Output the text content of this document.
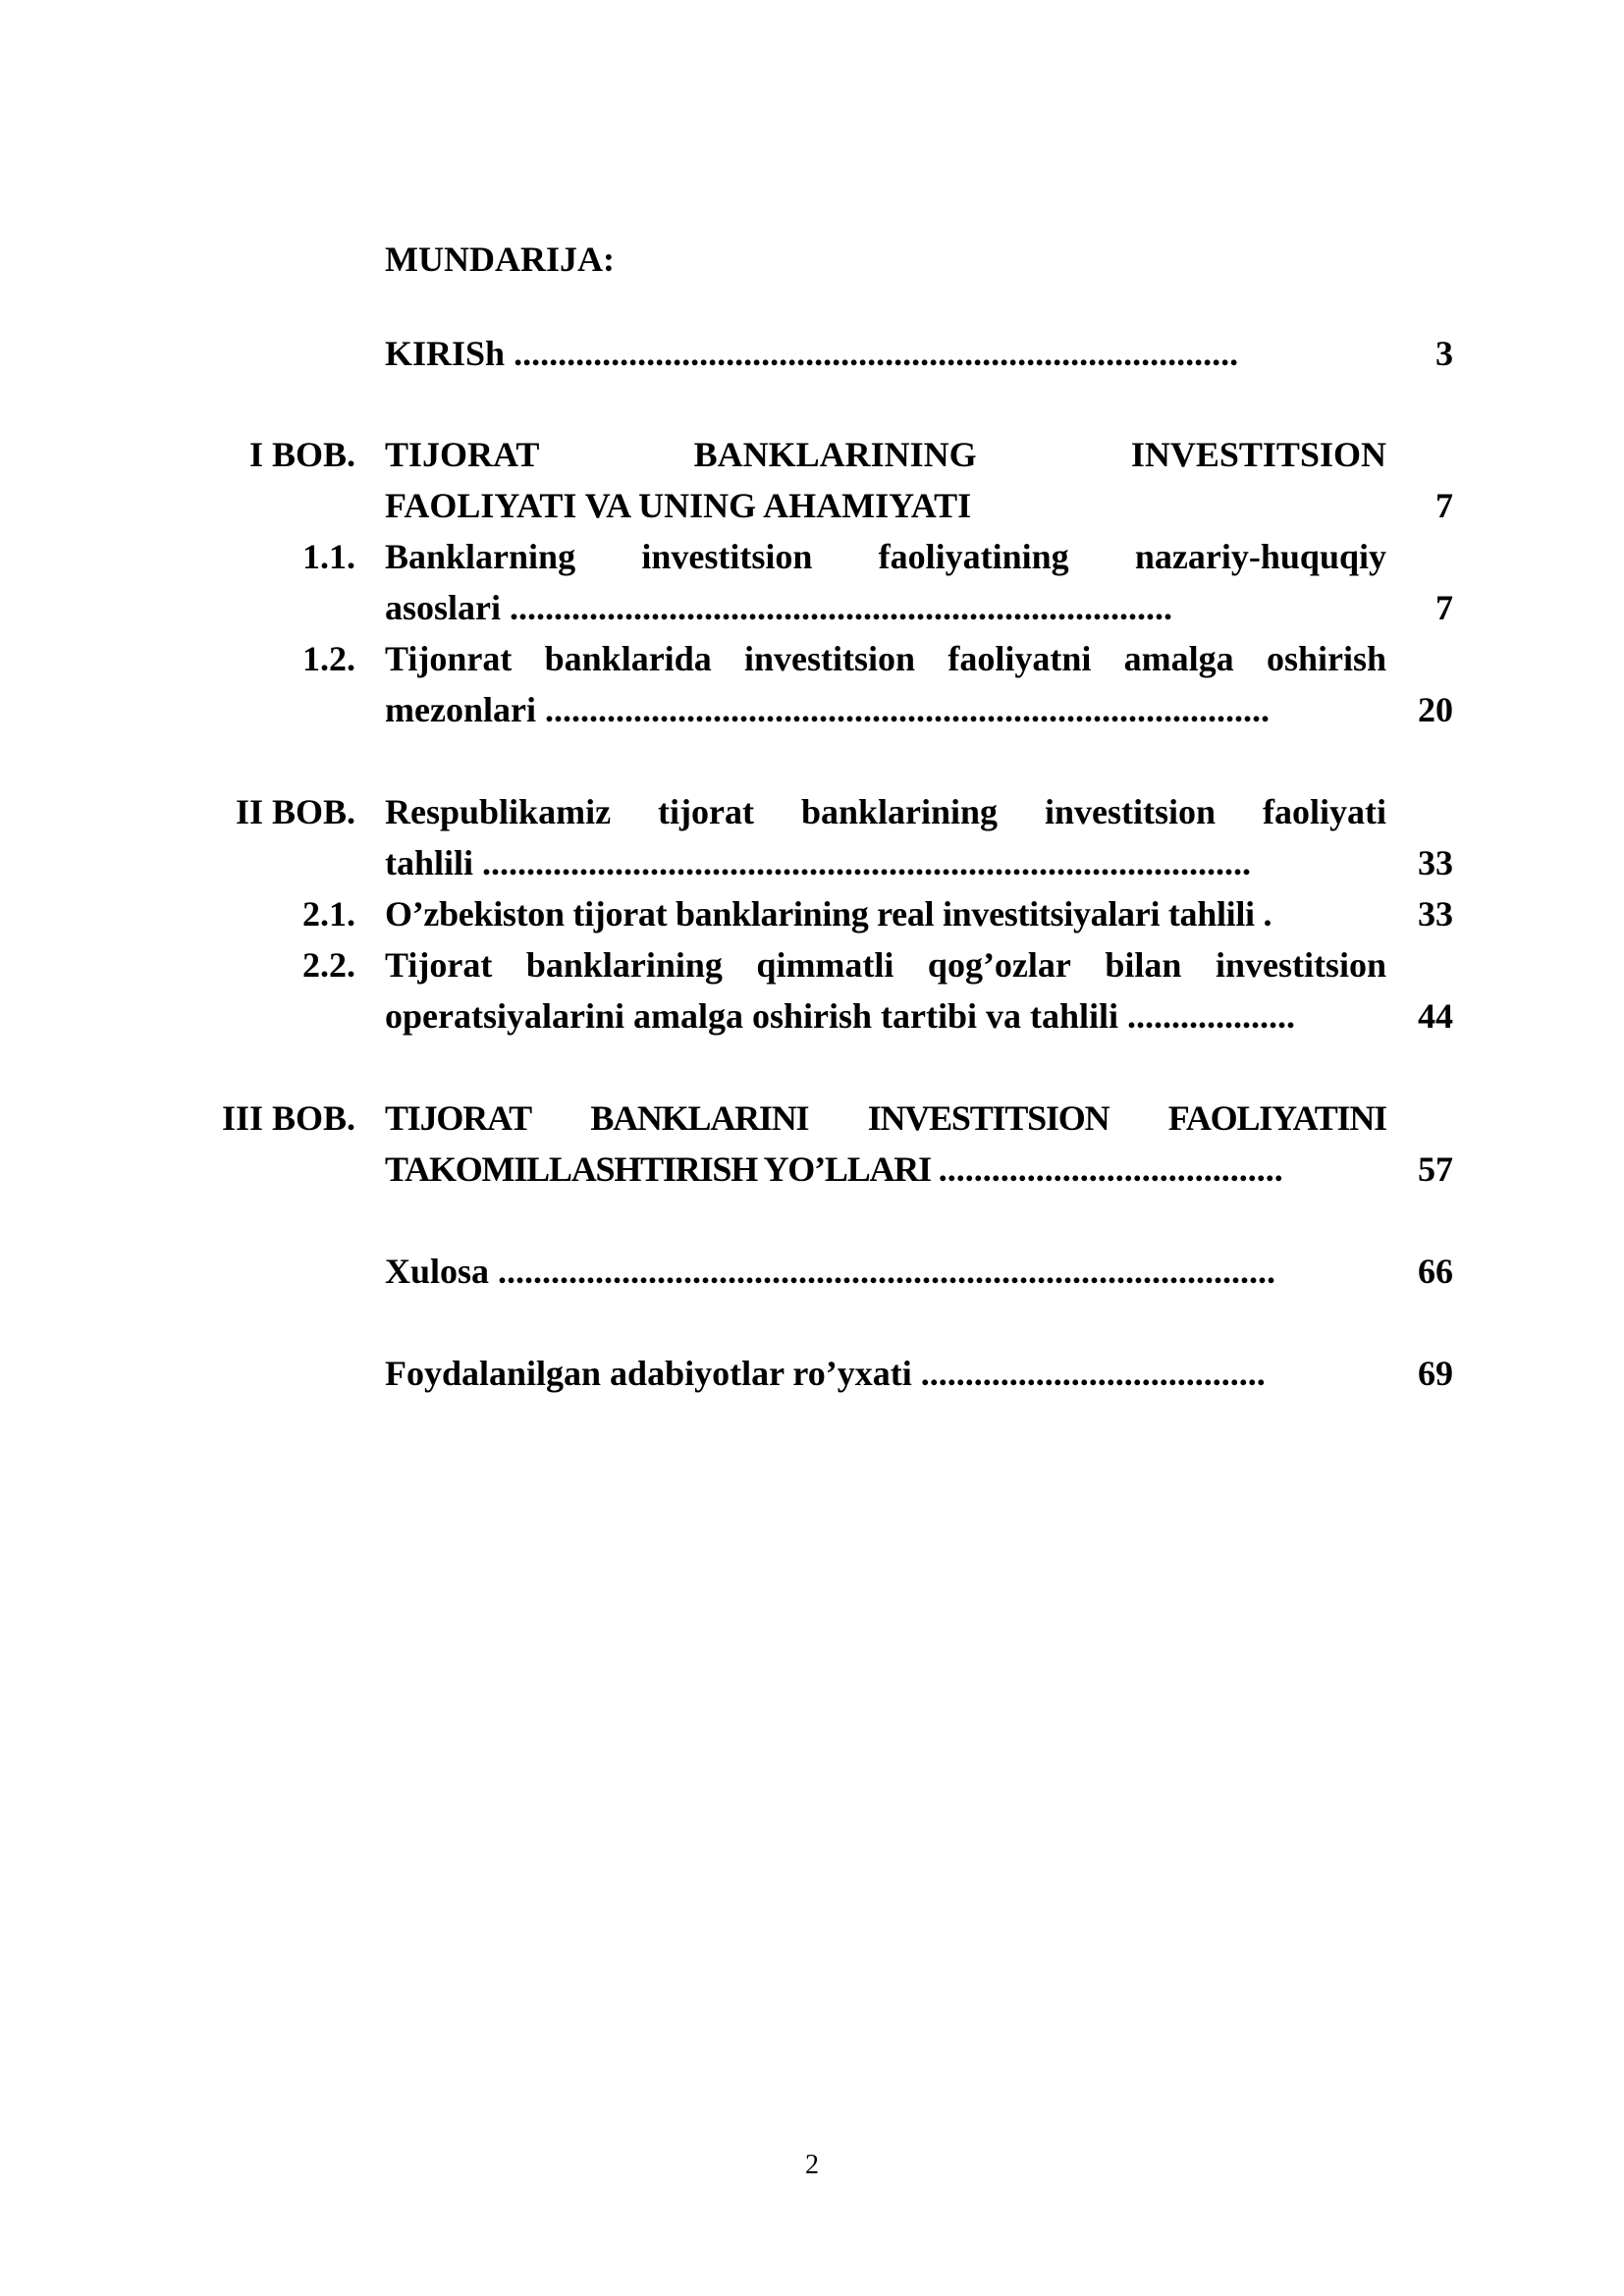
MUNDARIJA:
KIRISh ..................................................................................	3
I BOB. TIJORAT	BANKLARINING	INVESTITSION
FAOLIYATI VA UNING AHAMIYATI	7
1.1. Banklarning investitsion faoliyatining nazariy-huquqiy
asoslari ...........................................................................	7
1.2. Tijonrat banklarida investitsion faoliyatni amalga oshirish
mezonlari ..................................................................................	20
II BOB. Respublikamiz tijorat banklarining investitsion faoliyati
tahlili .......................................................................................	33
2.1. O’zbekiston tijorat banklarining real investitsiyalari tahlili .	33
2.2. Tijorat banklarining qimmatli qog’ozlar bilan investitsion
operatsiyalarini amalga oshirish tartibi va tahlili ...................	44
III BOB. TIJORAT BANKLARINI INVESTITSION FAOLIYATINI
TAKOMILLASHTIRISH YO’LLARI .......................................	57
Xulosa ........................................................................................	66
Foydalanilgan adabiyotlar ro’yxati .......................................	69
2
